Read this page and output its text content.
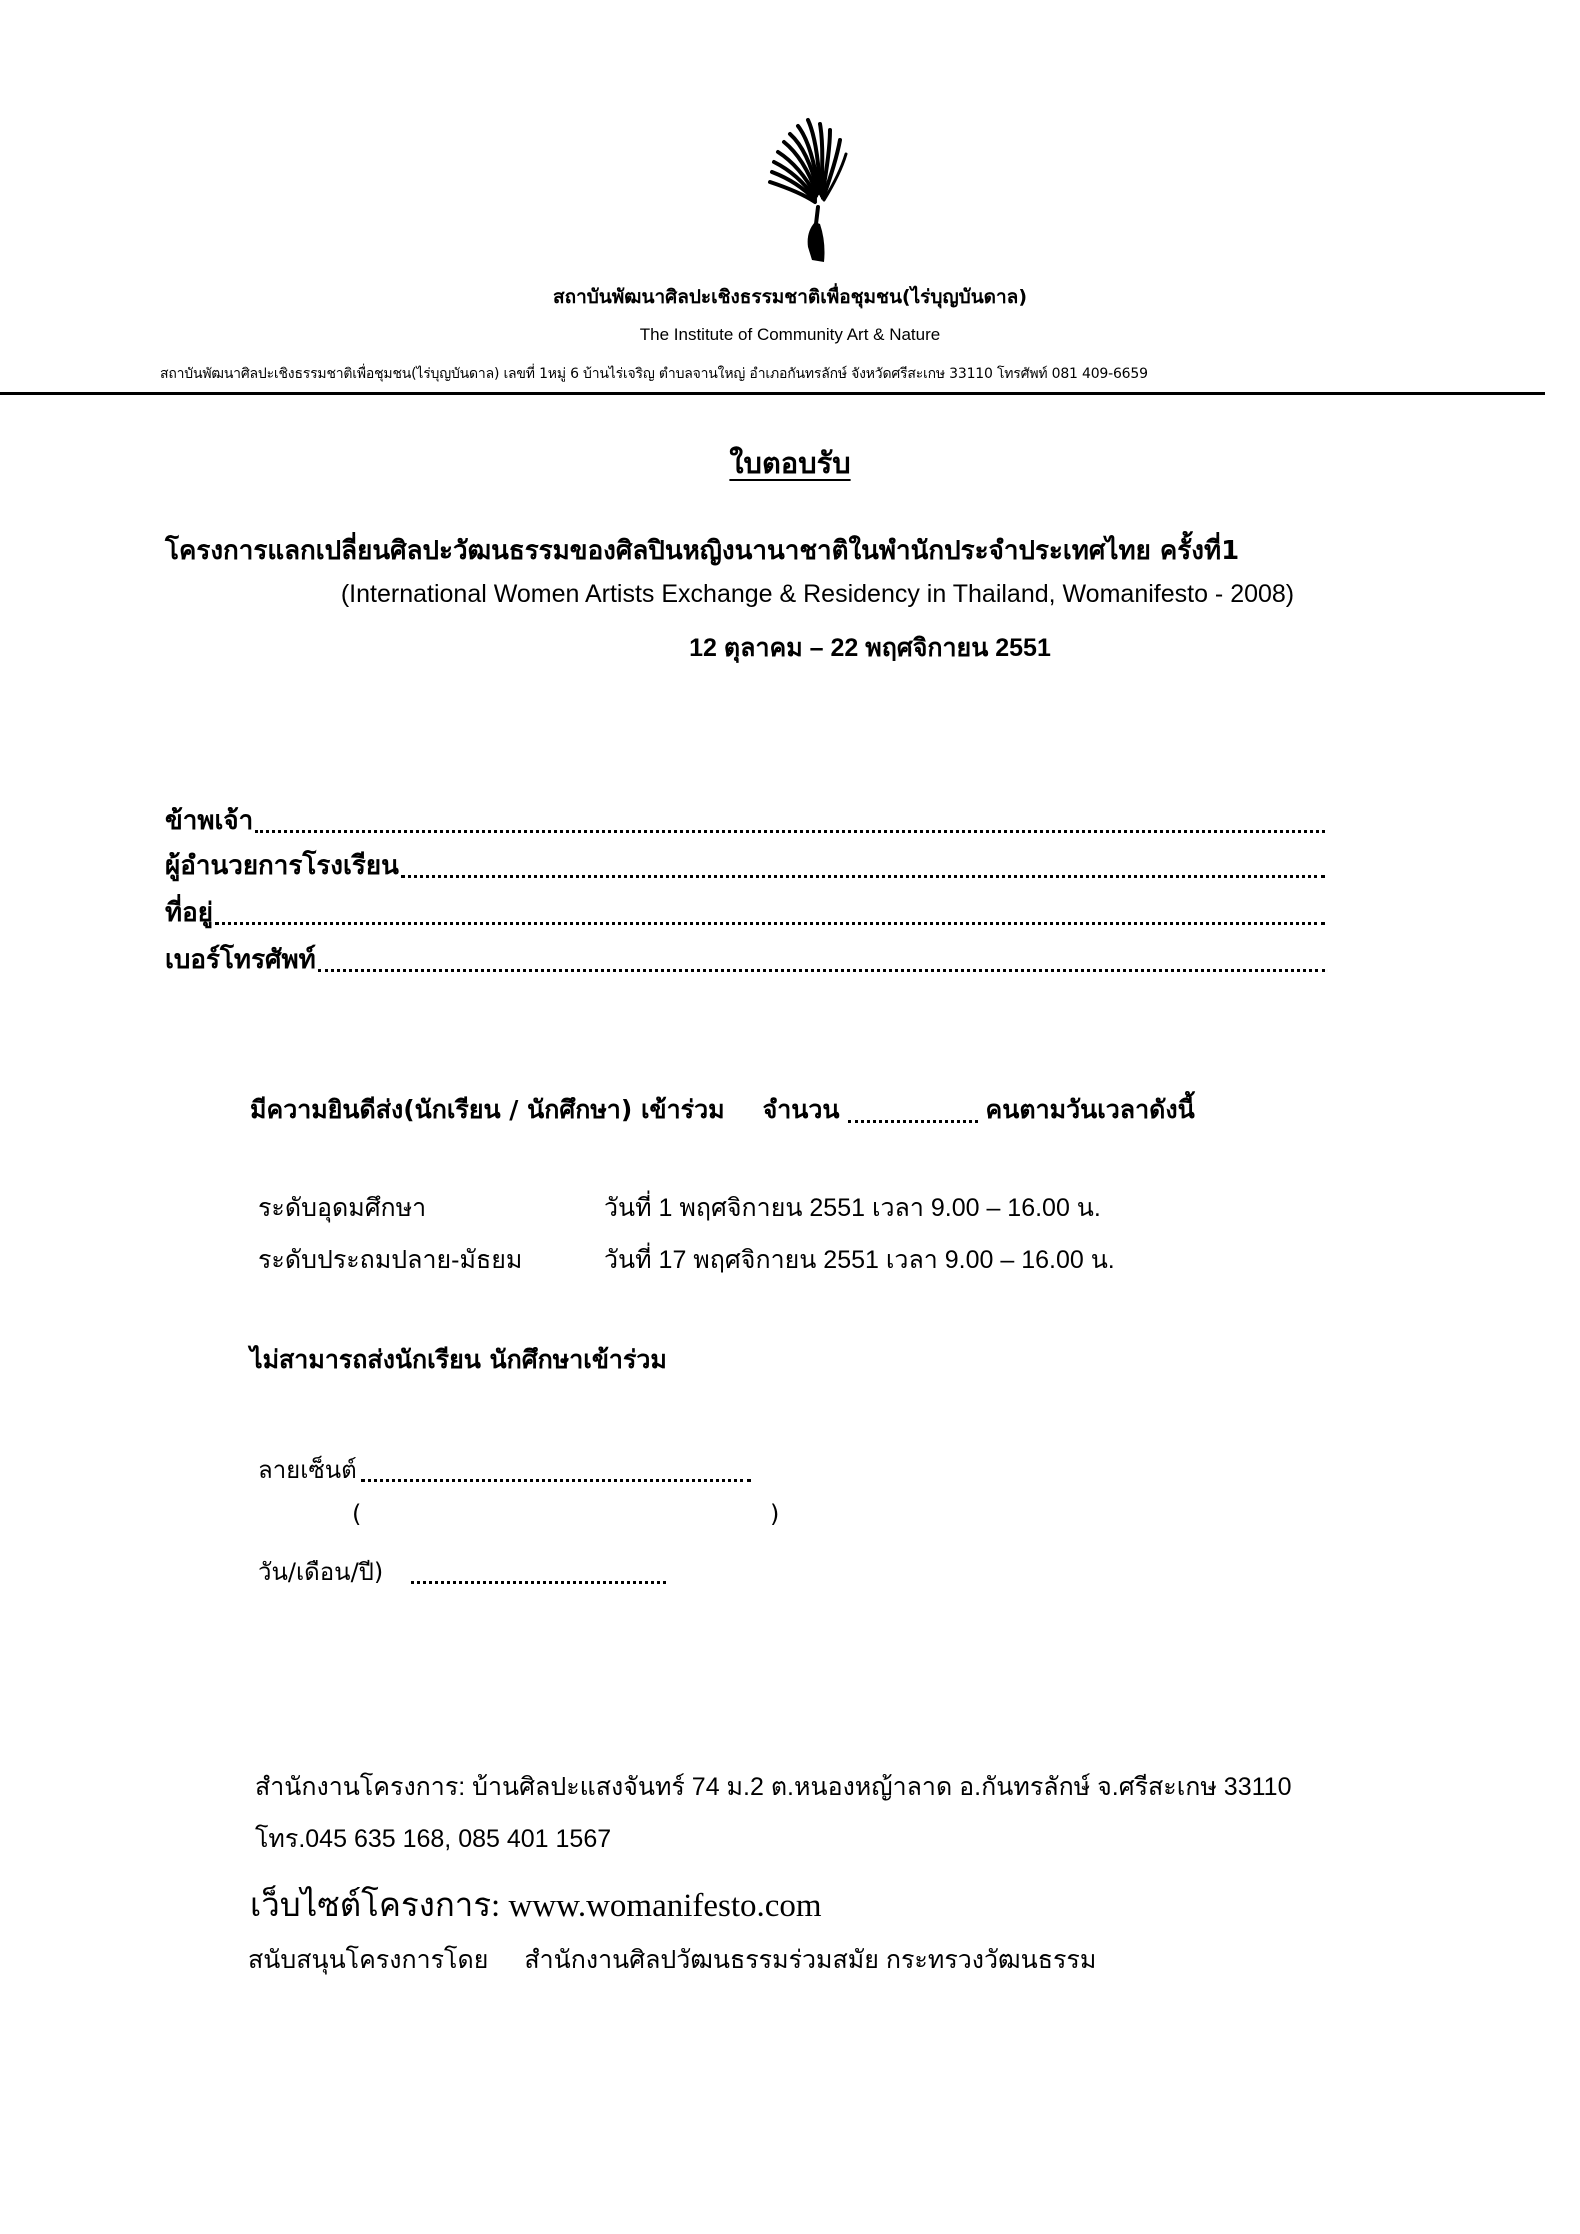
สถาบันพัฒนาศิลปะเชิงธรรมชาติเพื่อชุมชน(ไร่บุญบันดาล)
The Institute of Community Art & Nature
สถาบันพัฒนาศิลปะเชิงธรรมชาติเพื่อชุมชน(ไร่บุญบันดาล) เลขที่ 1หมู่ 6 บ้านไร่เจริญ ตำบลจานใหญ่ อำเภอกันทรลักษ์ จังหวัดศรีสะเกษ 33110 โทรศัพท์ 081 409-6659
ใบตอบรับ
โครงการแลกเปลี่ยนศิลปะวัฒนธรรมของศิลปินหญิงนานาชาติในพำนักประจำประเทศไทย ครั้งที่1
(International Women Artists Exchange & Residency in Thailand, Womanifesto - 2008)
12 ตุลาคม – 22 พฤศจิกายน 2551
ข้าพเจ้า
ผู้อำนวยการโรงเรียน
ที่อยู่
เบอร์โทรศัพท์
มีความยินดีส่ง(นักเรียน / นักศึกษา) เข้าร่วม จำนวน	คนตามวันเวลาดังนี้
ระดับอุดมศึกษา	วันที่ 1 พฤศจิกายน 2551 เวลา 9.00 – 16.00 น.
ระดับประถมปลาย-มัธยม	วันที่ 17 พฤศจิกายน 2551 เวลา 9.00 – 16.00 น.
ไม่สามารถส่งนักเรียน นักศึกษาเข้าร่วม
ลายเซ็นต์
(	)
วัน/เดือน/ปี)
สำนักงานโครงการ: บ้านศิลปะแสงจันทร์ 74 ม.2 ต.หนองหญ้าลาด อ.กันทรลักษ์ จ.ศรีสะเกษ 33110
โทร.045 635 168, 085 401 1567
เว็บไซต์โครงการ: www.womanifesto.com
สนับสนุนโครงการโดย สำนักงานศิลปวัฒนธรรมร่วมสมัย กระทรวงวัฒนธรรม
